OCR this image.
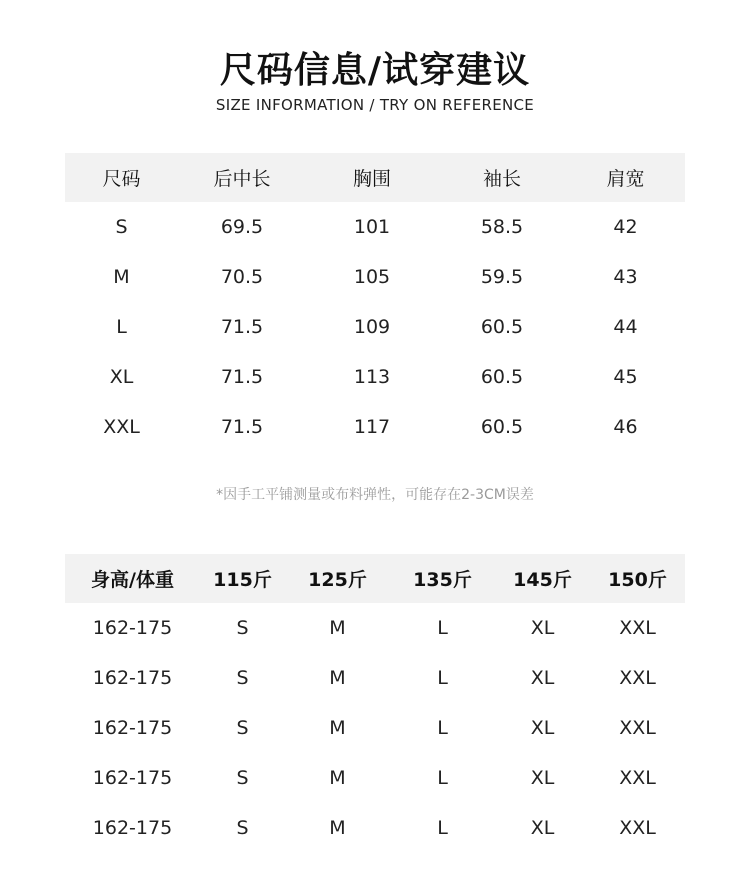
尺码信息/试穿建议
SIZE INFORMATION / TRY ON REFERENCE
尺码	后中长	胸围	袖长	肩宽
S	69.5	101	58.5	42
M	70.5	105	59.5	43
L	71.5	109	60.5	44
XL	71.5	113	60.5	45
XXL	71.5	117	60.5	46
*因手工平铺测量或布料弹性，可能存在2-3CM误差
身高/体重	115斤	125斤	135斤	145斤	150斤
162-175	S	M	L	XL	XXL
162-175	S	M	L	XL	XXL
162-175	S	M	L	XL	XXL
162-175	S	M	L	XL	XXL
162-175	S	M	L	XL	XXL
